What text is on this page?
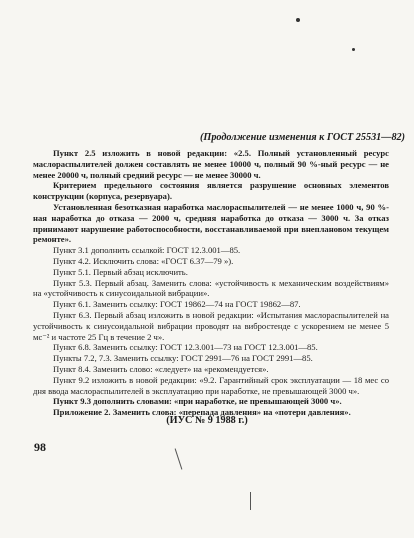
(Продолжение изменения к ГОСТ 25531—82)

Пункт 2.5 изложить в новой редакции: «2.5. Полный установленный ресурс маслораспылителей должен составлять не менее 10000 ч, полный 90 %-ный ресурс — не менее 20000 ч, полный средний ресурс — не менее 30000 ч.

Критерием предельного состояния является разрушение основных элементов конструкции (корпуса, резервуара).

Установленная безотказная наработка маслораспылителей — не менее 1000 ч, 90 %-ная наработка до отказа — 2000 ч, средняя наработка до отказа — 3000 ч. За отказ принимают нарушение работоспособности, восстанавливаемой при внеплановом текущем ремонте».

Пункт 3.1 дополнить ссылкой: ГОСТ 12.3.001—85.

Пункт 4.2. Исключить слова: «ГОСТ 6.37—79 »).

Пункт 5.1. Первый абзац исключить.

Пункт 5.3. Первый абзац. Заменить слова: «устойчивость к механическим воздействиям» на «устойчивость к синусоидальной вибрации».

Пункт 6.1. Заменить ссылку: ГОСТ 19862—74 на ГОСТ 19862—87.

Пункт 6.3. Первый абзац изложить в новой редакции: «Испытания маслораспылителей на устойчивость к синусоидальной вибрации проводят на вибростенде с ускорением не менее 5 мс⁻² и частоте 25 Гц в течение 2 ч».

Пункт 6.8. Заменить ссылку: ГОСТ 12.3.001—73 на ГОСТ 12.3.001—85.

Пункты 7.2, 7.3. Заменить ссылку: ГОСТ 2991—76 на ГОСТ 2991—85.

Пункт 8.4. Заменить слово: «следует» на «рекомендуется».

Пункт 9.2 изложить в новой редакции: «9.2. Гарантийный срок эксплуатации — 18 мес со дня ввода маслораспылителей в эксплуатацию при наработке, не превышающей 3000 ч».

Пункт 9.3 дополнить словами: «при наработке, не превышающей 3000 ч».

Приложение 2. Заменить слова: «перепада давления» на «потери давления».

(ИУС № 9 1988 г.)
98
